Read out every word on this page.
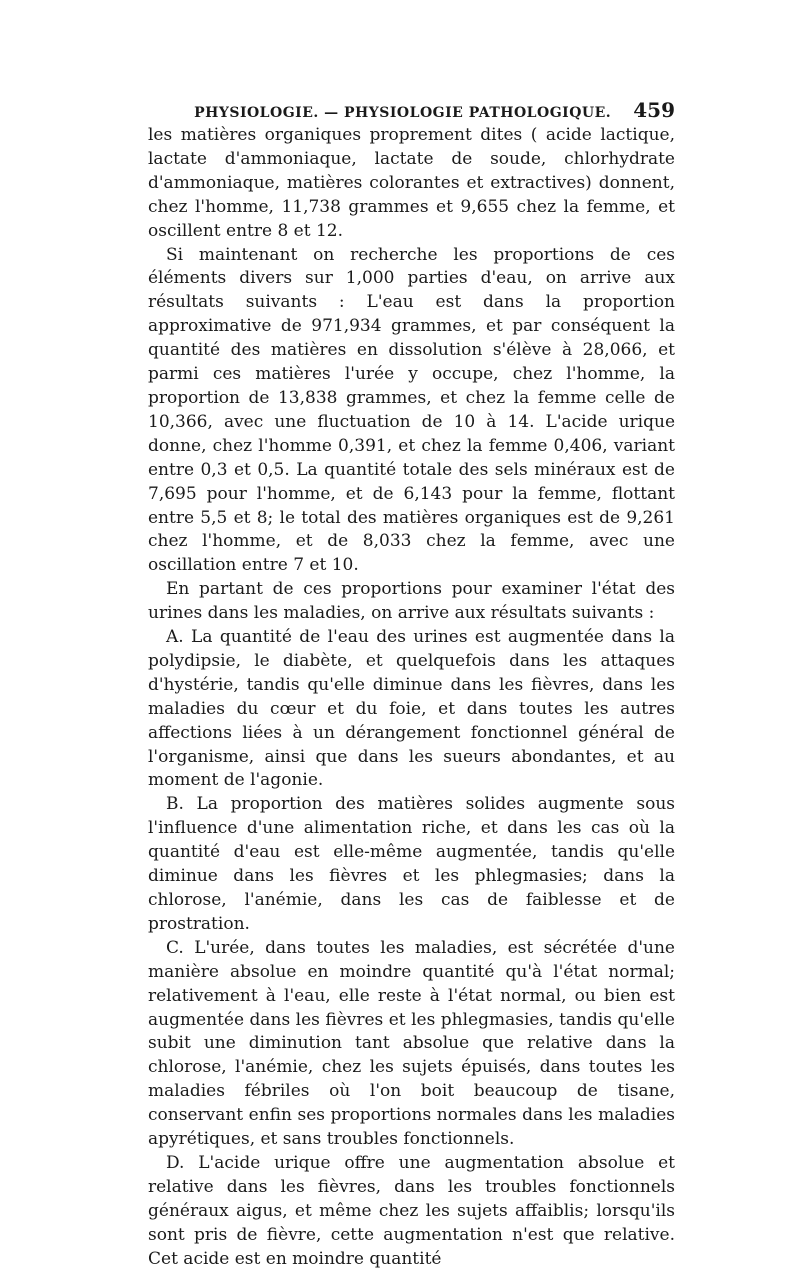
PHYSIOLOGIE. — PHYSIOLOGIE PATHOLOGIQUE.	459

les matières organiques proprement dites ( acide lactique, lactate d'ammoniaque, lactate de soude, chlorhydrate d'ammoniaque, matières colorantes et extractives) donnent, chez l'homme, 11,738 grammes et 9,655 chez la femme, et oscillent entre 8 et 12.

Si maintenant on recherche les proportions de ces éléments divers sur 1,000 parties d'eau, on arrive aux résultats suivants : L'eau est dans la proportion approximative de 971,934 grammes, et par conséquent la quantité des matières en dissolution s'élève à 28,066, et parmi ces matières l'urée y occupe, chez l'homme, la proportion de 13,838 grammes, et chez la femme celle de 10,366, avec une fluctuation de 10 à 14. L'acide urique donne, chez l'homme 0,391, et chez la femme 0,406, variant entre 0,3 et 0,5. La quantité totale des sels minéraux est de 7,695 pour l'homme, et de 6,143 pour la femme, flottant entre 5,5 et 8; le total des matières organiques est de 9,261 chez l'homme, et de 8,033 chez la femme, avec une oscillation entre 7 et 10.

En partant de ces proportions pour examiner l'état des urines dans les maladies, on arrive aux résultats suivants :

A. La quantité de l'eau des urines est augmentée dans la polydipsie, le diabète, et quelquefois dans les attaques d'hystérie, tandis qu'elle diminue dans les fièvres, dans les maladies du cœur et du foie, et dans toutes les autres affections liées à un dérangement fonctionnel général de l'organisme, ainsi que dans les sueurs abondantes, et au moment de l'agonie.

B. La proportion des matières solides augmente sous l'influence d'une alimentation riche, et dans les cas où la quantité d'eau est elle-même augmentée, tandis qu'elle diminue dans les fièvres et les phlegmasies; dans la chlorose, l'anémie, dans les cas de faiblesse et de prostration.

C. L'urée, dans toutes les maladies, est sécrétée d'une manière absolue en moindre quantité qu'à l'état normal; relativement à l'eau, elle reste à l'état normal, ou bien est augmentée dans les fièvres et les phlegmasies, tandis qu'elle subit une diminution tant absolue que relative dans la chlorose, l'anémie, chez les sujets épuisés, dans toutes les maladies fébriles où l'on boit beaucoup de tisane, conservant enfin ses proportions normales dans les maladies apyrétiques, et sans troubles fonctionnels.

D. L'acide urique offre une augmentation absolue et relative dans les fièvres, dans les troubles fonctionnels généraux aigus, et même chez les sujets affaiblis; lorsqu'ils sont pris de fièvre, cette augmentation n'est que relative. Cet acide est en moindre quantité
